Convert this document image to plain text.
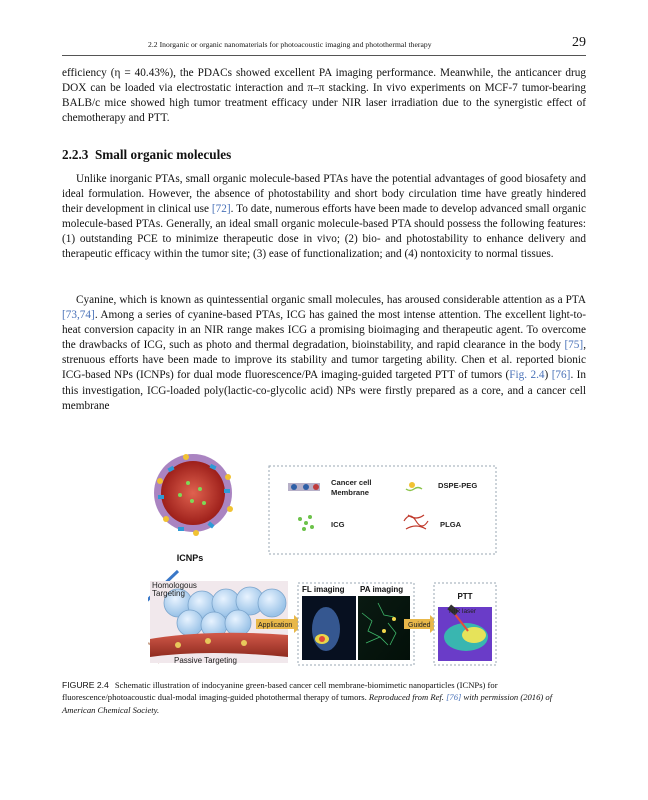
2.2 Inorganic or organic nanomaterials for photoacoustic imaging and photothermal therapy	29

efficiency (η = 40.43%), the PDACs showed excellent PA imaging performance. Meanwhile, the anticancer drug DOX can be loaded via electrostatic interaction and π–π stacking. In vivo experiments on MCF-7 tumor-bearing BALB/c mice showed high tumor treatment efficacy under NIR laser irradiation due to the synergistic effect of chemotherapy and PTT.

2.2.3 Small organic molecules

Unlike inorganic PTAs, small organic molecule-based PTAs have the potential advantages of good biosafety and ideal formulation. However, the absence of photostability and short body circulation time have greatly hindered their development in clinical use [72]. To date, numerous efforts have been made to develop advanced small organic molecule-based PTAs. Generally, an ideal small organic molecule-based PTA should possess the following features: (1) outstanding PCE to minimize therapeutic dose in vivo; (2) bio- and photostability to enhance delivery and therapeutic efficacy within the tumor site; (3) ease of functionalization; and (4) nontoxicity to normal tissues.

Cyanine, which is known as quintessential organic small molecules, has aroused considerable attention as a PTA [73,74]. Among a series of cyanine-based PTAs, ICG has gained the most intense attention. The excellent light-to-heat conversion capacity in an NIR range makes ICG a promising bioimaging and therapeutic agent. To overcome the drawbacks of ICG, such as photo and thermal degradation, bioinstability, and rapid clearance in the body [75], strenuous efforts have been made to improve its stability and tumor targeting ability. Chen et al. reported bionic ICG-based NPs (ICNPs) for dual mode fluorescence/PA imaging-guided targeted PTT of tumors (Fig. 2.4) [76]. In this investigation, ICG-loaded poly(lactic-co-glycolic acid) NPs were firstly prepared as a core, and a cancer cell membrane

ICNPs
Cancer cell
Membrane
DSPE-PEG
ICG	PLGA
Homologous
Targeting
Passive Targeting
Application
FL imaging PA imaging
Guided
PTT
NIR laser
FIGURE 2.4 Schematic illustration of indocyanine green-based cancer cell membrane-biomimetic nanoparticles (ICNPs) for fluorescence/photoacoustic dual-modal imaging-guided photothermal therapy of tumors. Reproduced from Ref. [76] with permission (2016) of American Chemical Society.
